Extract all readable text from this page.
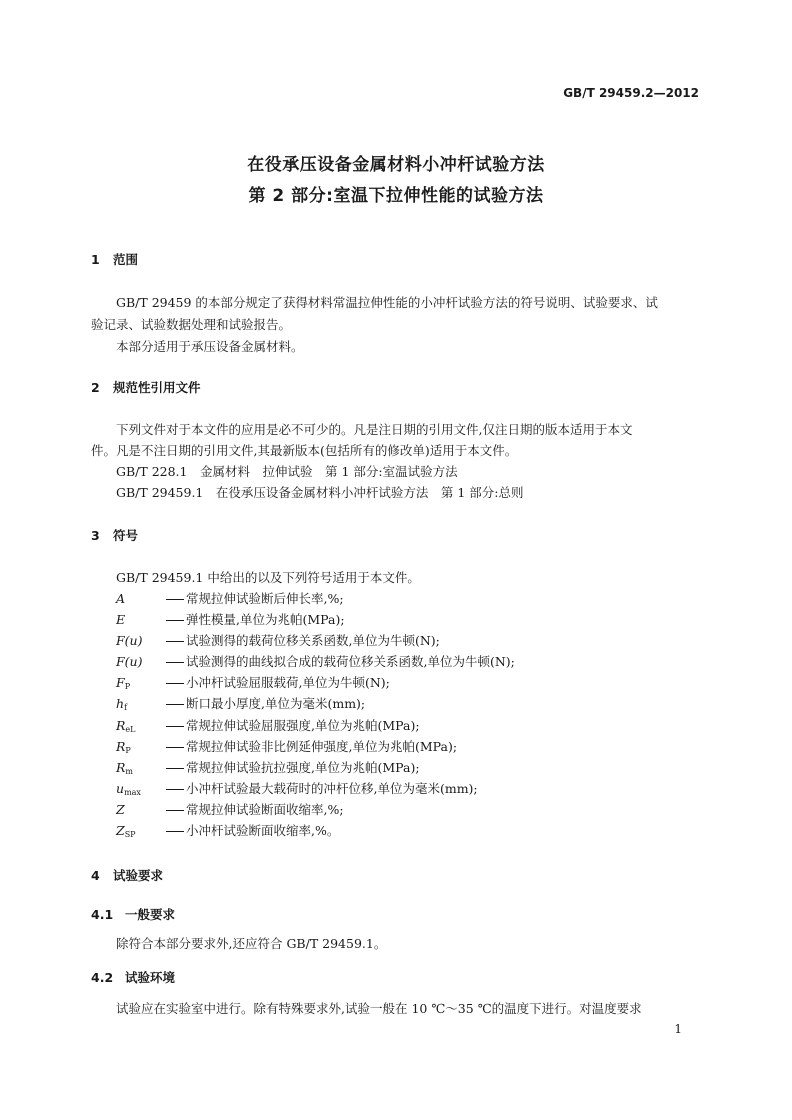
GB/T 29459.2—2012
在役承压设备金属材料小冲杆试验方法
第 2 部分:室温下拉伸性能的试验方法
1 范围
GB/T 29459 的本部分规定了获得材料常温拉伸性能的小冲杆试验方法的符号说明、试验要求、试
验记录、试验数据处理和试验报告。
本部分适用于承压设备金属材料。
2 规范性引用文件
下列文件对于本文件的应用是必不可少的。凡是注日期的引用文件,仅注日期的版本适用于本文
件。凡是不注日期的引用文件,其最新版本(包括所有的修改单)适用于本文件。
GB/T 228.1　金属材料　拉伸试验　第 1 部分:室温试验方法
GB/T 29459.1　在役承压设备金属材料小冲杆试验方法　第 1 部分:总则
3 符号
GB/T 29459.1 中给出的以及下列符号适用于本文件。
A	常规拉伸试验断后伸长率,%;
E	弹性模量,单位为兆帕(MPa);
F(u)	试验测得的载荷位移关系函数,单位为牛顿(N);
F(u)	试验测得的曲线拟合成的载荷位移关系函数,单位为牛顿(N);
$F_P$	小冲杆试验屈服载荷,单位为牛顿(N);
$h_f$	断口最小厚度,单位为毫米(mm);
$R_{eL}$	常规拉伸试验屈服强度,单位为兆帕(MPa);
$R_P$	常规拉伸试验非比例延伸强度,单位为兆帕(MPa);
$R_m$	常规拉伸试验抗拉强度,单位为兆帕(MPa);
$u_{max}$	小冲杆试验最大载荷时的冲杆位移,单位为毫米(mm);
Z	常规拉伸试验断面收缩率,%;
$Z_{SP}$	小冲杆试验断面收缩率,%。
4 试验要求
4.1 一般要求
除符合本部分要求外,还应符合 GB/T 29459.1。
4.2 试验环境
试验应在实验室中进行。除有特殊要求外,试验一般在 10 ℃～35 ℃的温度下进行。对温度要求
1
